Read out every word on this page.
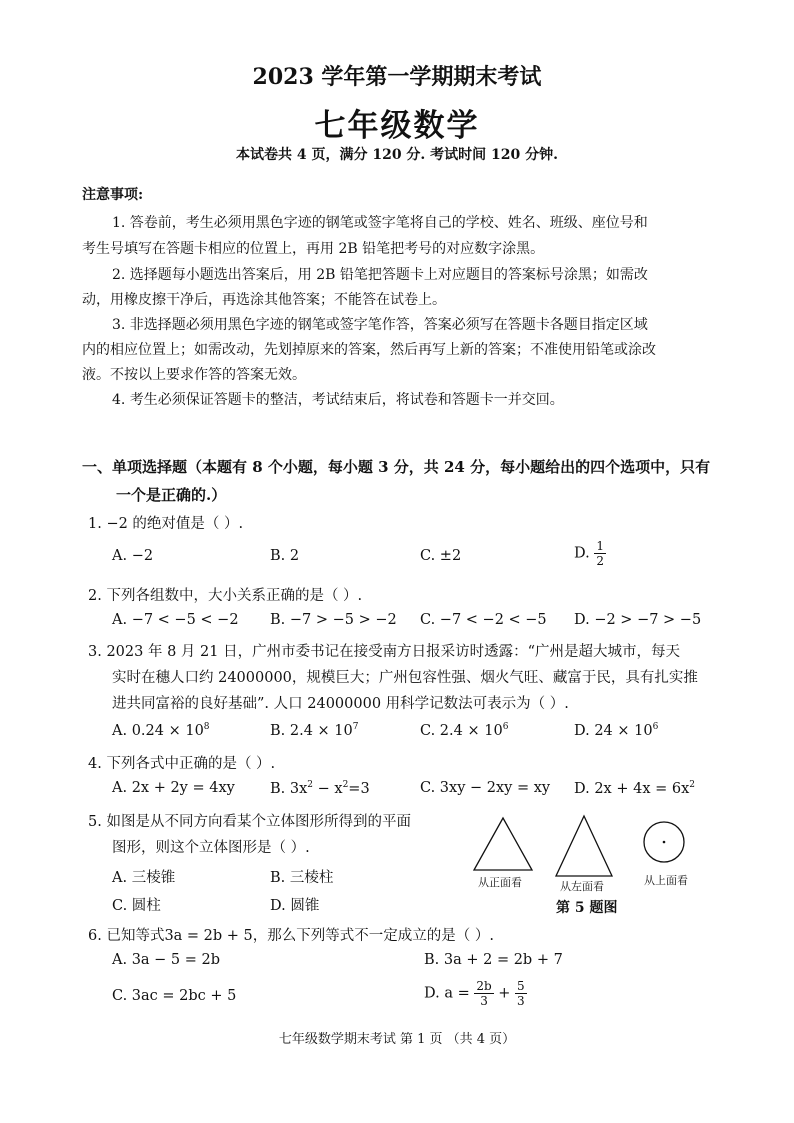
2023 学年第一学期期末考试
七年级数学
本试卷共 4 页，满分 120 分. 考试时间 120 分钟.
注意事项:
1. 答卷前，考生必须用黑色字迹的钢笔或签字笔将自己的学校、姓名、班级、座位号和
考生号填写在答题卡相应的位置上，再用 2B 铅笔把考号的对应数字涂黑。
2. 选择题每小题选出答案后，用 2B 铅笔把答题卡上对应题目的答案标号涂黑；如需改
动，用橡皮擦干净后，再选涂其他答案；不能答在试卷上。
3. 非选择题必须用黑色字迹的钢笔或签字笔作答，答案必须写在答题卡各题目指定区域
内的相应位置上；如需改动，先划掉原来的答案，然后再写上新的答案；不准使用铅笔或涂改
液。不按以上要求作答的答案无效。
4. 考生必须保证答题卡的整洁，考试结束后，将试卷和答题卡一并交回。
一、单项选择题（本题有 8 个小题，每小题 3 分，共 24 分，每小题给出的四个选项中，只有
一个是正确的.）
1. −2 的绝对值是（ ）.
A. −2	B. 2	C. ±2	D. $\frac{1}{2}$
2. 下列各组数中，大小关系正确的是（ ）.
A. −7 < −5 < −2 B. −7 > −5 > −2 C. −7 < −2 < −5 D. −2 > −7 > −5
3. 2023 年 8 月 21 日，广州市委书记在接受南方日报采访时透露：“广州是超大城市，每天
实时在穗人口约 24000000，规模巨大；广州包容性强、烟火气旺、藏富于民，具有扎实推
进共同富裕的良好基础”. 人口 24000000 用科学记数法可表示为（ ）.
A. $0.24 \times 10^8$	B. $2.4 \times 10^7$	C. $2.4 \times 10^6$	D. $24 \times 10^6$
4. 下列各式中正确的是（ ）.
A. 2x + 2y = 4xy B. $3x^2 - x^2=3$	C. 3xy − 2xy = xy D. $2x + 4x = 6x^2$
5. 如图是从不同方向看某个立体图形所得到的平面
图形，则这个立体图形是（ ）.
A. 三棱锥	B. 三棱柱
C. 圆柱	D. 圆锥
从正面看	从左面看	从上面看
第 5 题图
6. 已知等式3a = 2b + 5，那么下列等式不一定成立的是（ ）.
A. 3a − 5 = 2b	B. 3a + 2 = 2b + 7
C. 3ac = 2bc + 5	D. $a = \frac{2b}{3} + \frac{5}{3}$
七年级数学期末考试 第 1 页 （共 4 页）
